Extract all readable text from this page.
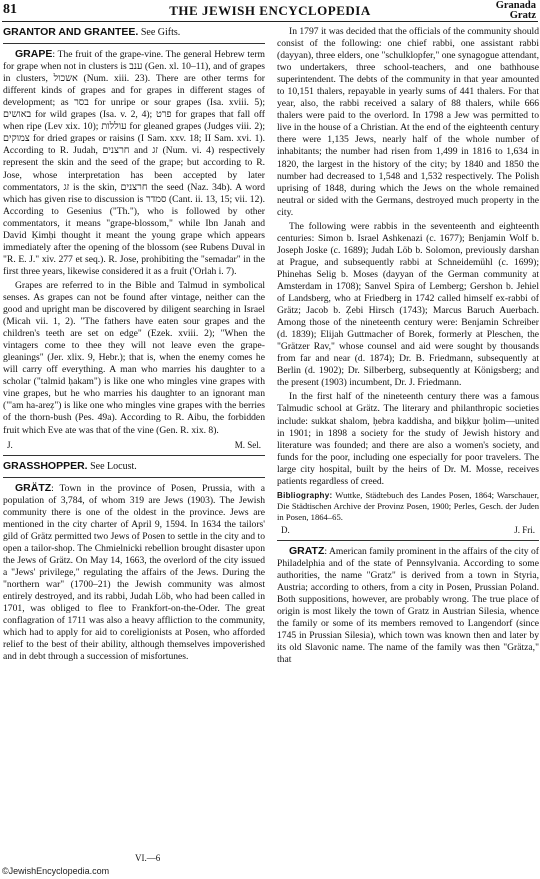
81	THE JEWISH ENCYCLOPEDIA	Granada
Gratz

GRANTOR AND GRANTEE. See Gifts.

GRAPE: The fruit of the grape-vine. The general Hebrew term for grape when not in clusters is ענב (Gen. xl. 10–11), and of grapes in clusters, אשכול (Num. xiii. 23). There are other terms for different kinds of grapes and for grapes in different stages of development; as בסר for unripe or sour grapes (Isa. xviii. 5); באושים for wild grapes (Isa. v. 2, 4); פרט for grapes that fall off when ripe (Lev xix. 10); עוללות for gleaned grapes (Judges viii. 2); צמוקים for dried grapes or raisins (I Sam. xxv. 18; II Sam. xvi. 1). According to R. Judah, חרצנים and זג (Num. vi. 4) respectively represent the skin and the seed of the grape; but according to R. Jose, whose interpretation has been accepted by later commentators, זג is the skin, חרצנים the seed (Naz. 34b). A word which has given rise to discussion is סמדר (Cant. ii. 13, 15; vii. 12). According to Gesenius ("Th."), who is followed by other commentators, it means "grape-blossom," while Ibn Janah and David Ḳimḥi thought it meant the young grape which appears immediately after the opening of the blossom (see Rubens Duval in "R. E. J." xiv. 277 et seq.). R. Jose, prohibiting the "semadar" in the first three years, likewise considered it as a fruit ('Orlah i. 7).

Grapes are referred to in the Bible and Talmud in symbolical senses. As grapes can not be found after vintage, neither can the good and upright man be discovered by diligent searching in Israel (Micah vii. 1, 2). "The fathers have eaten sour grapes and the children's teeth are set on edge" (Ezek. xviii. 2); "When the vintagers come to thee they will not leave even the grape-gleanings" (Jer. xlix. 9, Hebr.); that is, when the enemy comes he will carry off everything. A man who marries his daughter to a scholar ("talmid ḥakam") is like one who mingles vine grapes with vine grapes, but he who marries his daughter to an ignorant man ("'am ha-areẓ") is like one who mingles vine grapes with the berries of the thorn-bush (Pes. 49a). According to R. Aibu, the forbidden fruit which Eve ate was that of the vine (Gen. R. xix. 8).

J.	M. Sel.

GRASSHOPPER. See Locust.

GRÄTZ: Town in the province of Posen, Prussia, with a population of 3,784, of whom 319 are Jews (1903). The Jewish community there is one of the oldest in the province. Jews are mentioned in the city charter of April 9, 1594. In 1634 the tailors' gild of Grätz permitted two Jews of Posen to settle in the city and to open a tailor-shop. The Chmielnicki rebellion brought disaster upon the Jews of Grätz. On May 14, 1663, the overlord of the city issued a "Jews' privilege," regulating the affairs of the Jews. During the "northern war" (1700–21) the Jewish community was almost entirely destroyed, and its rabbi, Judah Löb, who had been called in 1701, was obliged to flee to Frankfort-on-the-Oder. The great conflagration of 1711 was also a heavy affliction to the community, which had to apply for aid to coreligionists at Posen, who afforded relief to the best of their ability, although themselves impoverished and in debt through a succession of misfortunes.

VI.—6

In 1797 it was decided that the officials of the community should consist of the following: one chief rabbi, one assistant rabbi (dayyan), three elders, one "schulklopfer," one synagogue attendant, two undertakers, three school-teachers, and one bathhouse superintendent. The debts of the community in that year amounted to 10,151 thalers, repayable in yearly sums of 441 thalers. For that year, also, the rabbi received a salary of 88 thalers, while 666 thalers were paid to the overlord. In 1798 a Jew was permitted to live in the house of a Christian. At the end of the eighteenth century there were 1,135 Jews, nearly half of the whole number of inhabitants; the number had risen from 1,499 in 1816 to 1,634 in 1820, the largest in the history of the city; by 1840 and 1850 the number had decreased to 1,548 and 1,532 respectively. The Polish uprising of 1848, during which the Jews on the whole remained neutral or sided with the Germans, destroyed much property in the city.

The following were rabbis in the seventeenth and eighteenth centuries: Simon b. Israel Ashkenazi (c. 1677); Benjamin Wolf b. Joseph Joske (c. 1689); Judah Löb b. Solomon, previously darshan at Prague, and subsequently rabbi at Schneidemühl (c. 1699); Phinehas Selig b. Moses (dayyan of the German community at Amsterdam in 1708); Sanvel Spira of Lemberg; Gershon b. Jehiel of Landsberg, who at Friedberg in 1742 called himself ex-rabbi of Grätz; Jacob b. Ẓebi Hirsch (1743); Marcus Baruch Auerbach. Among those of the nineteenth century were: Benjamin Schreiber (d. 1839); Elijah Guttmacher of Borek, formerly at Pleschen, the "Grätzer Rav," whose counsel and aid were sought by thousands from far and near (d. 1874); Dr. B. Friedmann, subsequently at Berlin (d. 1902); Dr. Silberberg, subsequently at Königsberg; and the present (1903) incumbent, Dr. J. Friedmann.

In the first half of the nineteenth century there was a famous Talmudic school at Grätz. The literary and philanthropic societies include: sukkat shalom, ḥebra kaddisha, and biḳḳur ḥolim—united in 1901; in 1898 a society for the study of Jewish history and literature was founded; and there are also a women's society, and funds for the poor, including one especially for poor travelers. The large city hospital, built by the heirs of Dr. M. Mosse, receives patients regardless of creed.

Bibliography: Wuttke, Städtebuch des Landes Posen, 1864; Warschauer, Die Städtischen Archive der Provinz Posen, 1900; Perles, Gesch. der Juden in Posen, 1864–65.

D.	J. Fri.

GRATZ: American family prominent in the affairs of the city of Philadelphia and of the state of Pennsylvania. According to some authorities, the name "Gratz" is derived from a town in Styria, Austria; according to others, from a city in Posen, Prussian Poland. Both suppositions, however, are probably wrong. The true place of origin is most likely the town of Gratz in Austrian Silesia, whence the family or some of its members removed to Langendorf (since 1745 in Prussian Silesia), which town was known then and later by its old Slavonic name. The name of the family was then "Grätza," that

©JewishEncyclopedia.com
